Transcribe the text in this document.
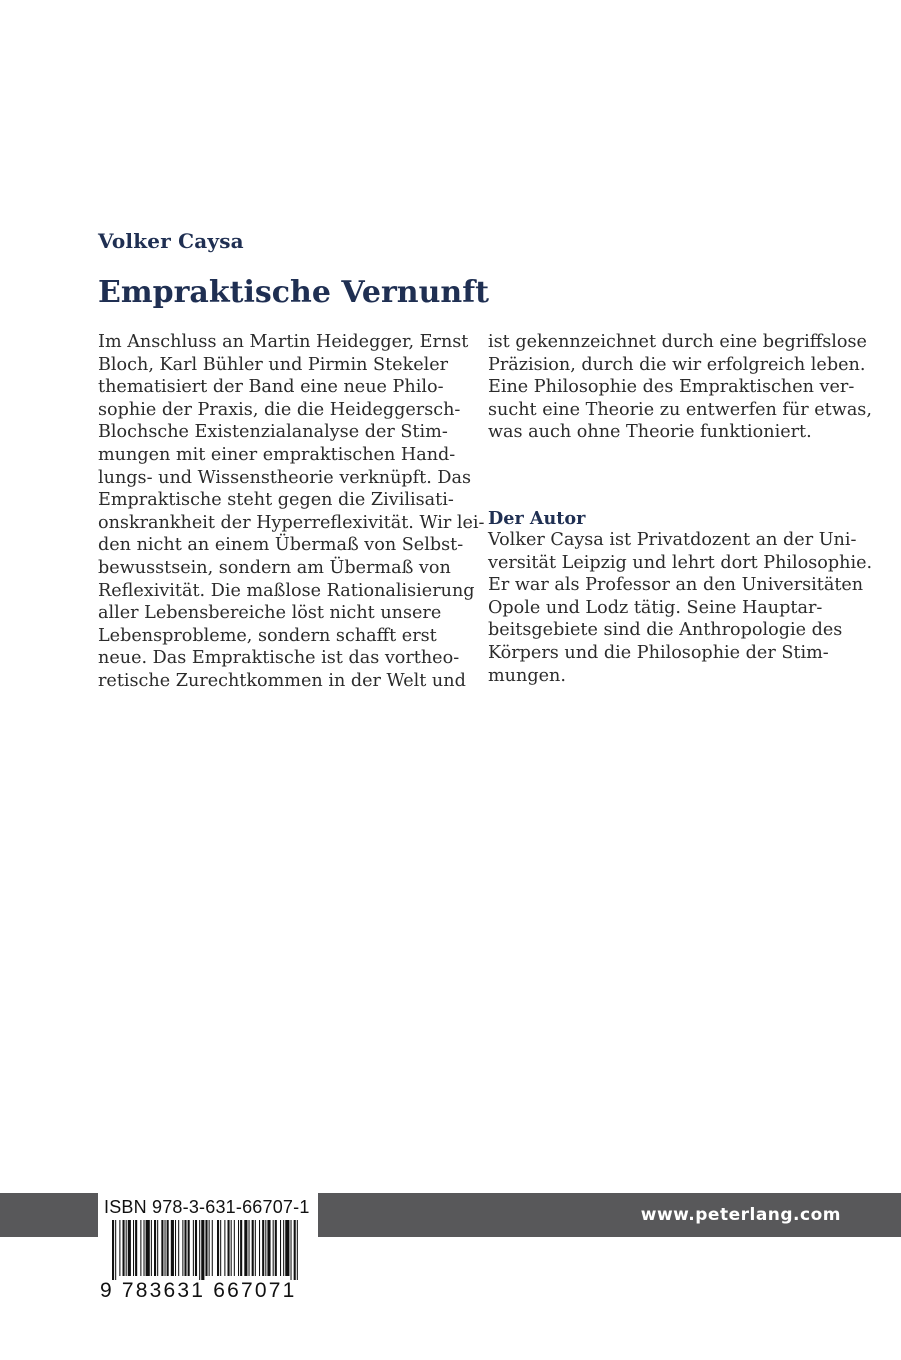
Volker Caysa
Empraktische Vernunft
Im Anschluss an Martin Heidegger, Ernst
Bloch, Karl Bühler und Pirmin Stekeler
thematisiert der Band eine neue Philo-
sophie der Praxis, die die Heideggersch-
Blochsche Existenzialanalyse der Stim-
mungen mit einer empraktischen Hand-
lungs- und Wissenstheorie verknüpft. Das
Empraktische steht gegen die Zivilisati-
onskrankheit der Hyperreflexivität. Wir lei-
den nicht an einem Übermaß von Selbst-
bewusstsein, sondern am Übermaß von
Reflexivität. Die maßlose Rationalisierung
aller Lebensbereiche löst nicht unsere
Lebensprobleme, sondern schafft erst
neue. Das Empraktische ist das vortheo-
retische Zurechtkommen in der Welt und
ist gekennzeichnet durch eine begriffslose
Präzision, durch die wir erfolgreich leben.
Eine Philosophie des Empraktischen ver-
sucht eine Theorie zu entwerfen für etwas,
was auch ohne Theorie funktioniert.
Der Autor
Volker Caysa ist Privatdozent an der Uni-
versität Leipzig und lehrt dort Philosophie.
Er war als Professor an den Universitäten
Opole und Lodz tätig. Seine Hauptar-
beitsgebiete sind die Anthropologie des
Körpers und die Philosophie der Stim-
mungen.
www.peterlang.com
ISBN 978-3-631-66707-1
9 783631 667071
